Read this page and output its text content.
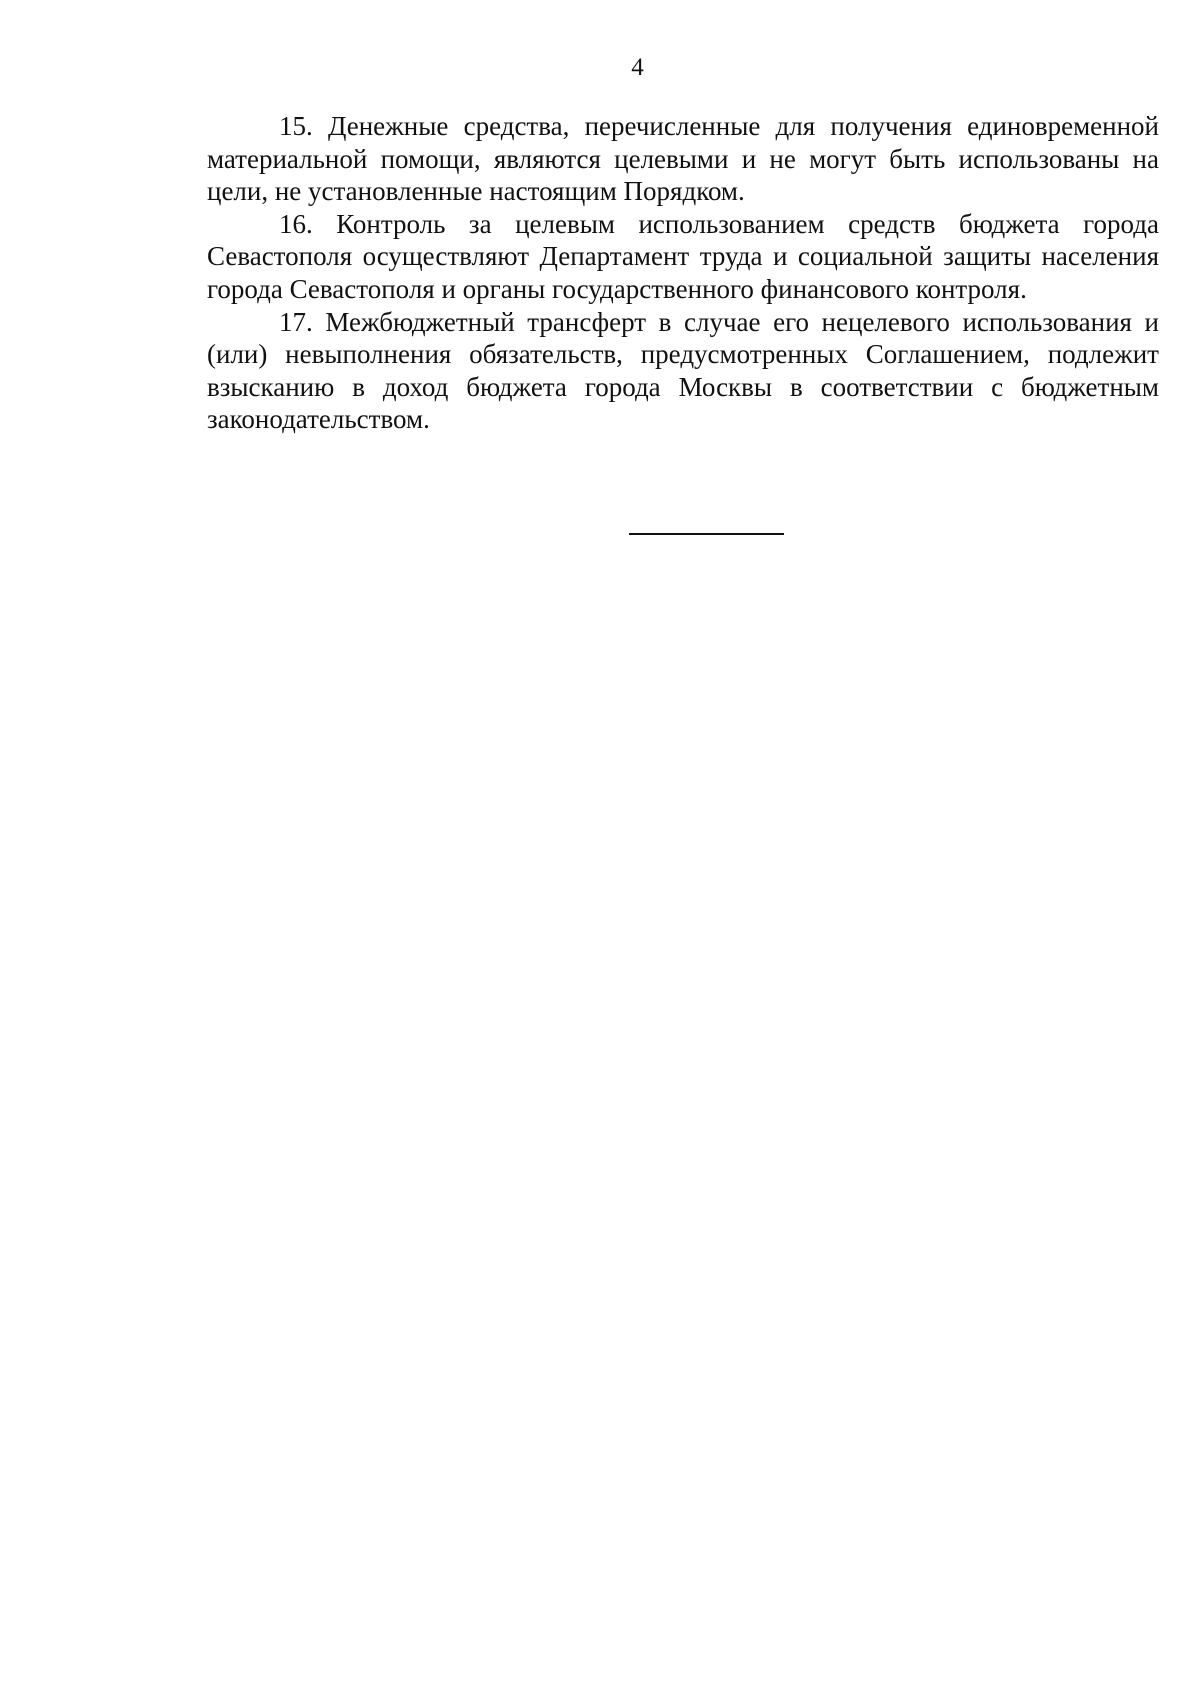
4

15. Денежные средства, перечисленные для получения единовременной материальной помощи, являются целевыми и не могут быть использованы на цели, не установленные настоящим Порядком.

16. Контроль за целевым использованием средств бюджета города Севастополя осуществляют Департамент труда и социальной защиты населения города Севастополя и органы государственного финансового контроля.

17. Межбюджетный трансферт в случае его нецелевого использования и (или) невыполнения обязательств, предусмотренных Соглашением, подлежит взысканию в доход бюджета города Москвы в соответствии с бюджетным законодательством.
